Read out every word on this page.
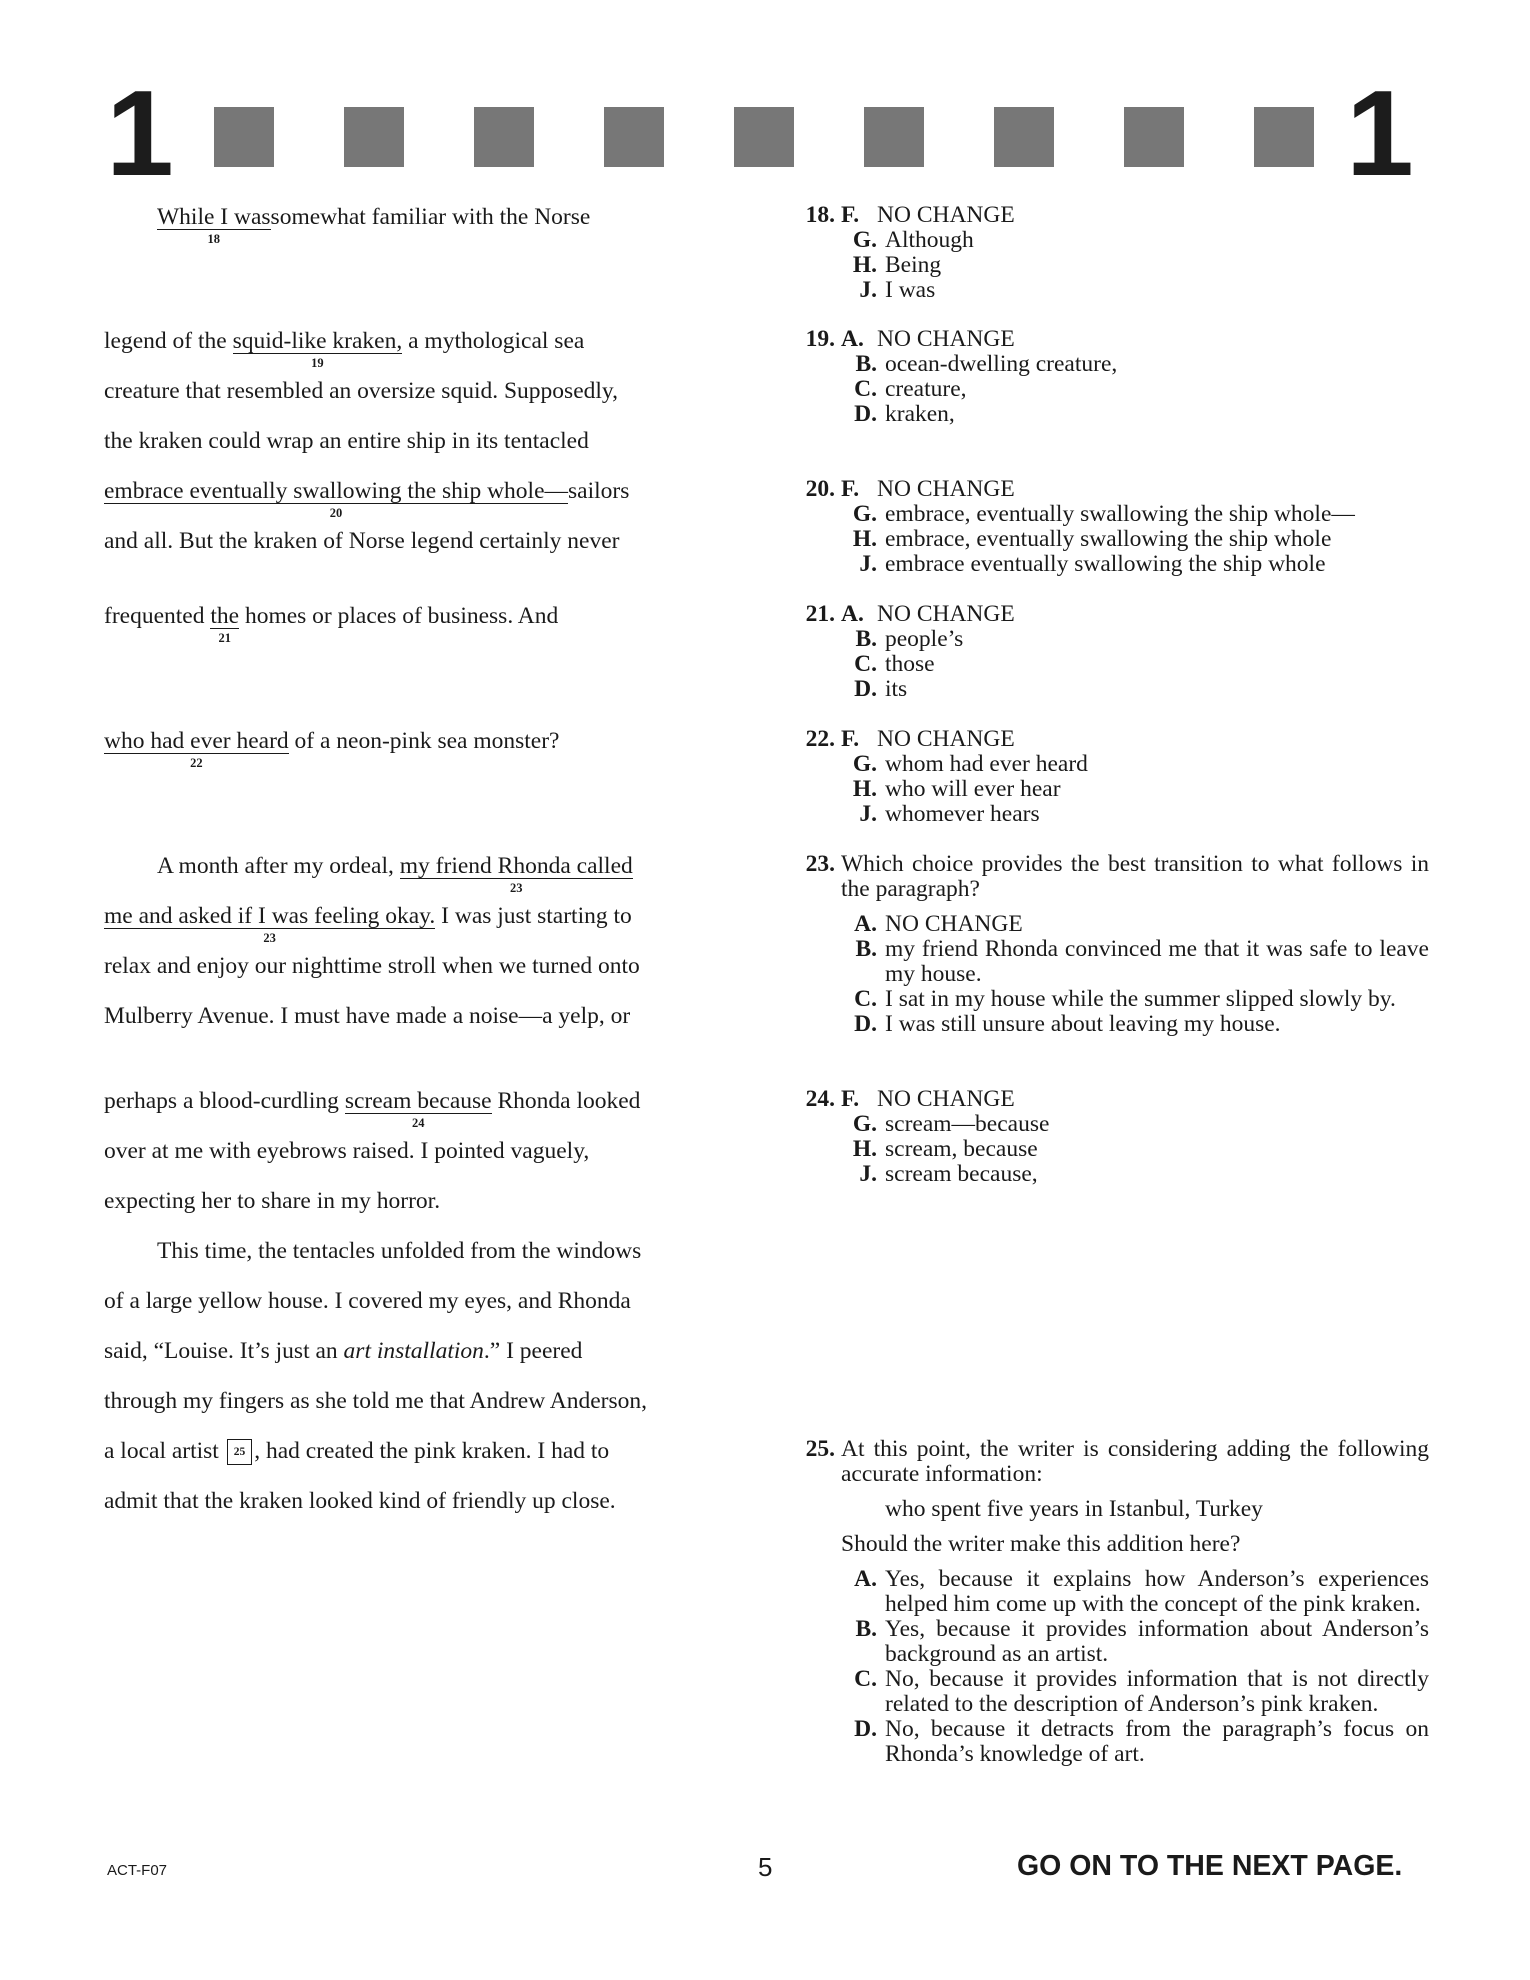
1	1
While I was
18
somewhat familiar with the Norse
legend of the squid-like kraken,
19
a mythological sea
creature that resembled an oversize squid. Supposedly,
the kraken could wrap an entire ship in its tentacled
embrace eventually swallowing the ship whole—
20
sailors
and all. But the kraken of Norse legend certainly never
frequented the
21
homes or places of business. And
who had ever heard
22
of a neon-pink sea monster?
A month after my ordeal, my friend Rhonda called
23
me and asked if I was feeling okay.
23
I was just starting to
relax and enjoy our nighttime stroll when we turned onto
Mulberry Avenue. I must have made a noise—a yelp, or
perhaps a blood-curdling scream because
24
Rhonda looked
over at me with eyebrows raised. I pointed vaguely,
expecting her to share in my horror.
This time, the tentacles unfolded from the windows
of a large yellow house. I covered my eyes, and Rhonda
said, “Louise. It’s just an art installation.” I peered
through my fingers as she told me that Andrew Anderson,
a local artist 25 , had created the pink kraken. I had to
admit that the kraken looked kind of friendly up close.
18. F. NO CHANGE
G. Although
H. Being
J. I was
19. A. NO CHANGE
B. ocean-dwelling creature,
C. creature,
D. kraken,
20. F. NO CHANGE
G. embrace, eventually swallowing the ship whole—
H. embrace, eventually swallowing the ship whole
J. embrace eventually swallowing the ship whole
21. A. NO CHANGE
B. people’s
C. those
D. its
22. F. NO CHANGE
G. whom had ever heard
H. who will ever hear
J. whomever hears
23. Which choice provides the best transition to what follows in the paragraph?
A. NO CHANGE
B. my friend Rhonda convinced me that it was safe to leave my house.
C. I sat in my house while the summer slipped slowly by.
D. I was still unsure about leaving my house.
24. F. NO CHANGE
G. scream—because
H. scream, because
J. scream because,
25. At this point, the writer is considering adding the following accurate information:
who spent five years in Istanbul, Turkey
Should the writer make this addition here?
A. Yes, because it explains how Anderson’s experiences helped him come up with the concept of the pink kraken.
B. Yes, because it provides information about Anderson’s background as an artist.
C. No, because it provides information that is not directly related to the description of Anderson’s pink kraken.
D. No, because it detracts from the paragraph’s focus on Rhonda’s knowledge of art.
ACT-F07	5	GO ON TO THE NEXT PAGE.
